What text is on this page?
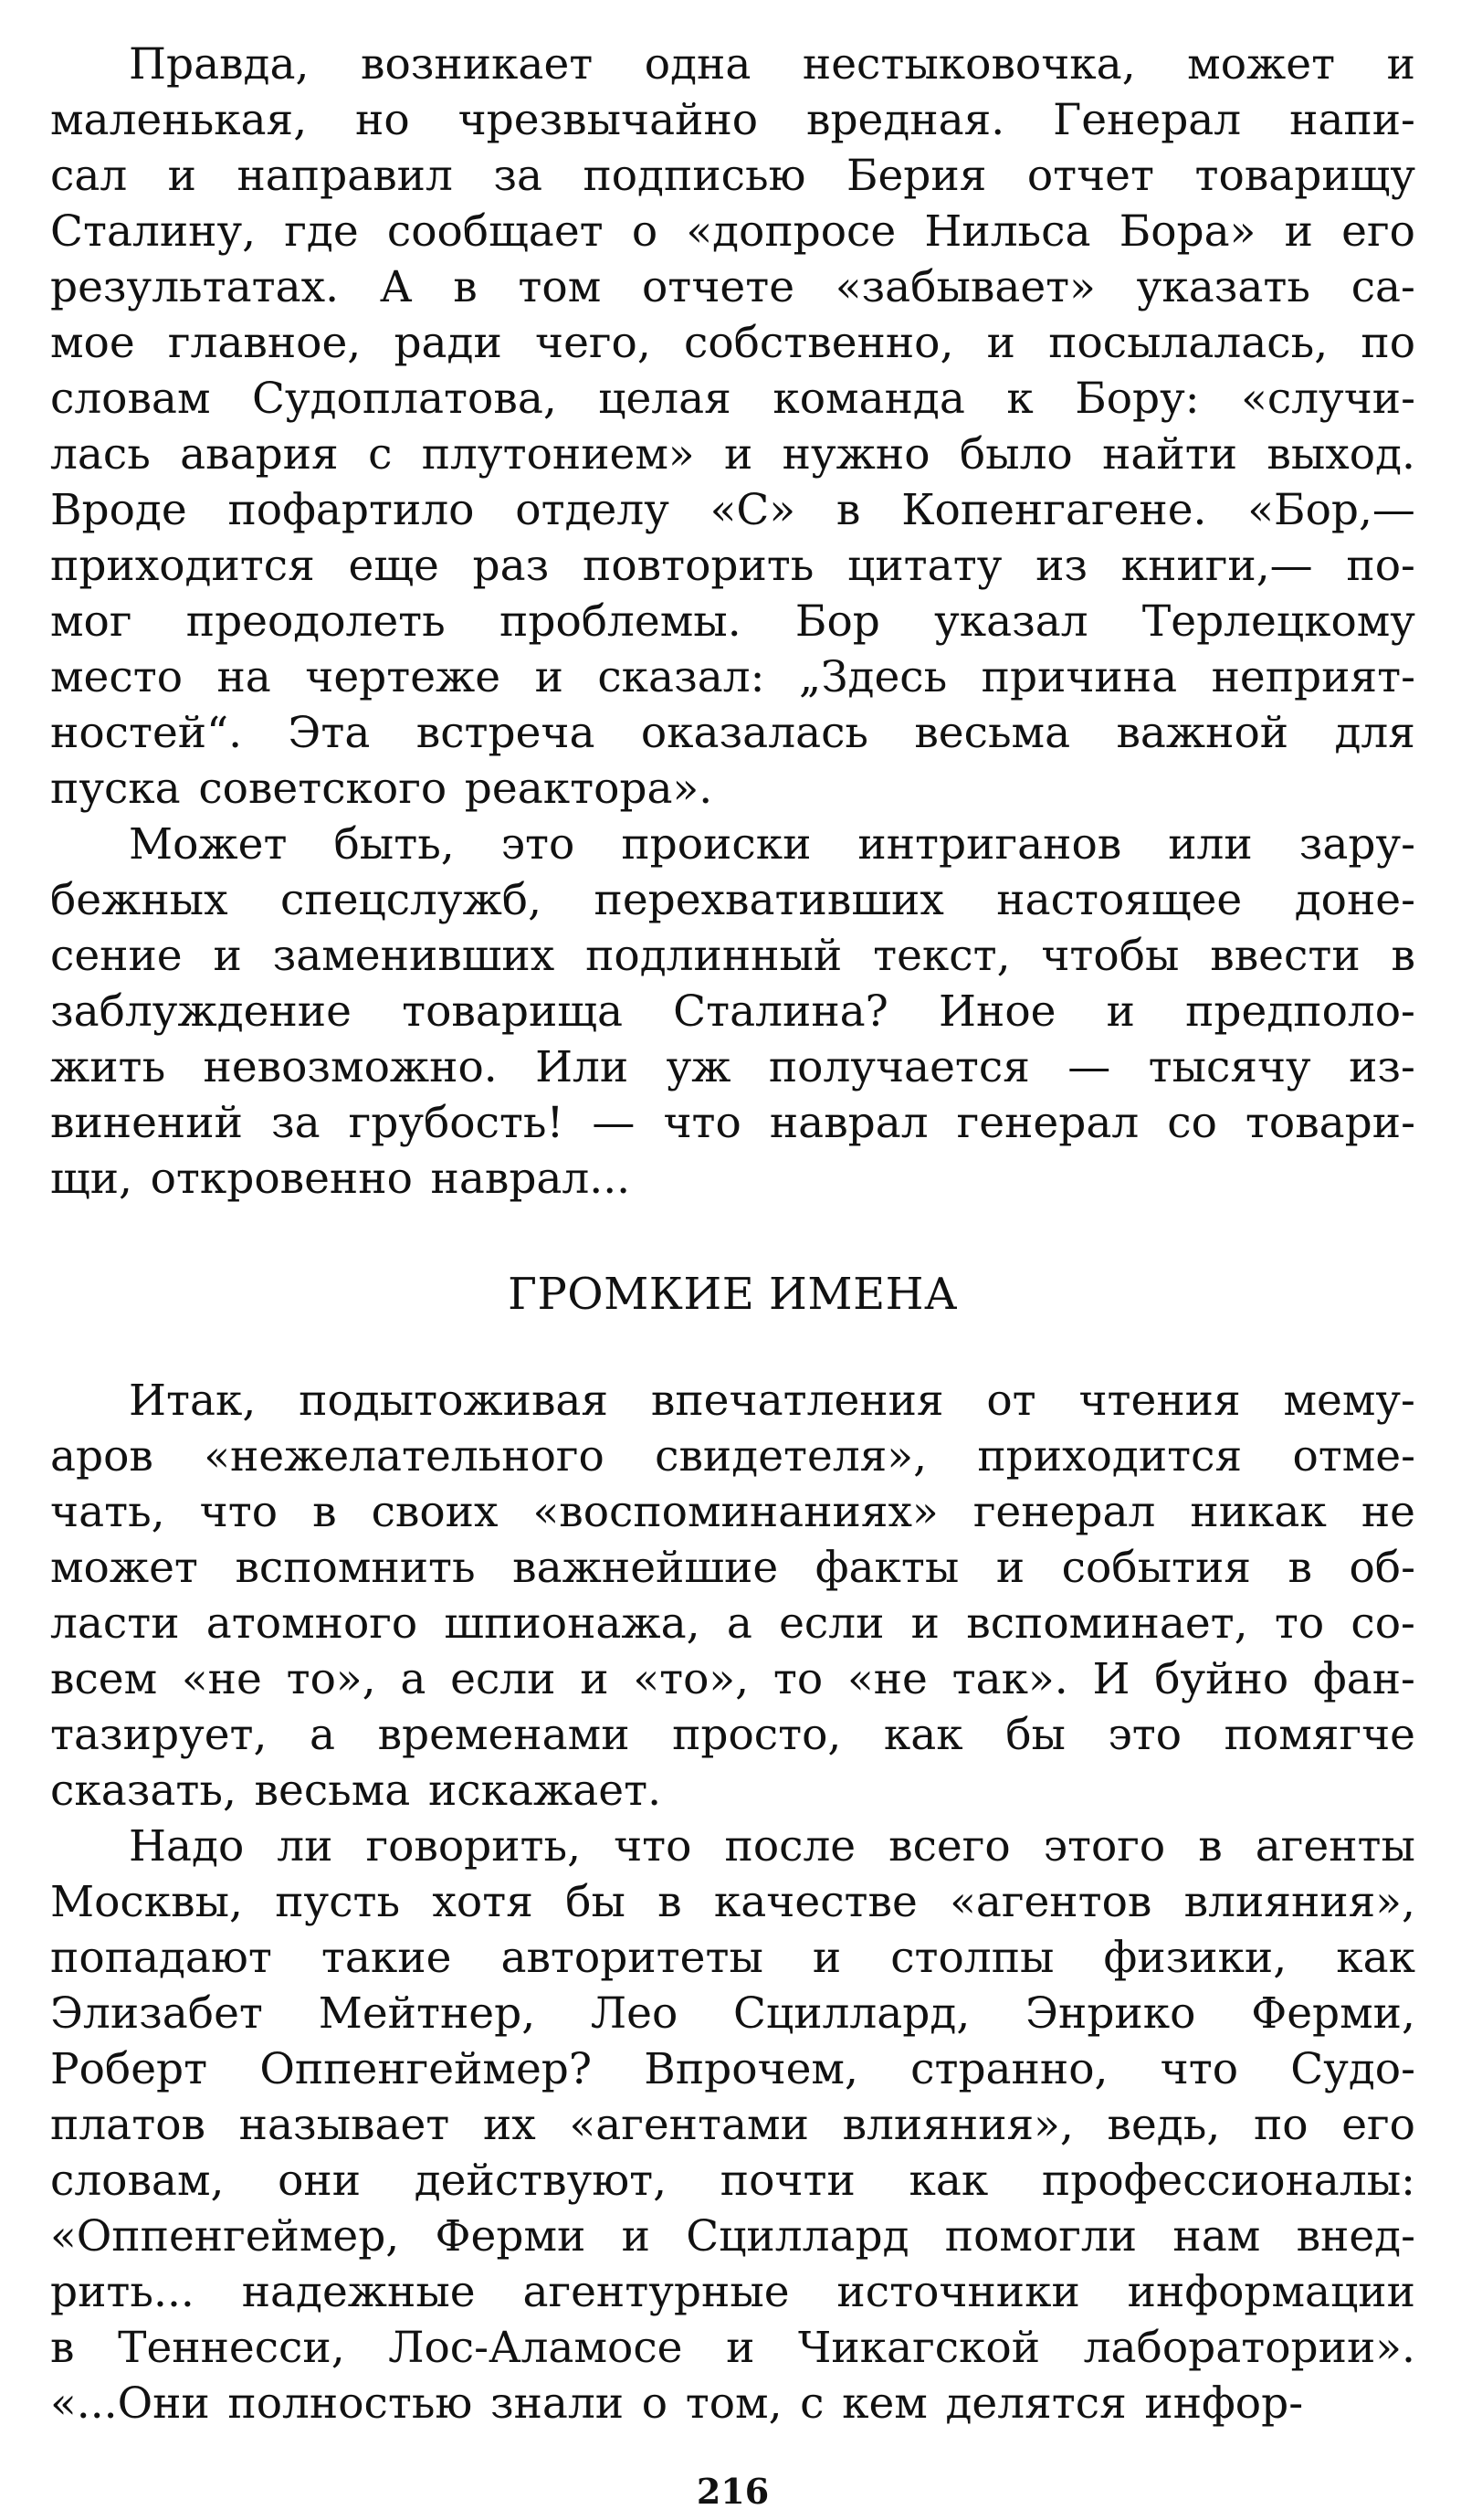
Правда, возникает одна нестыковочка, может и
маленькая, но чрезвычайно вредная. Генерал напи-
сал и направил за подписью Берия отчет товарищу
Сталину, где сообщает о «допросе Нильса Бора» и его
результатах. А в том отчете «забывает» указать са-
мое главное, ради чего, собственно, и посылалась, по
словам Судоплатова, целая команда к Бору: «случи-
лась авария с плутонием» и нужно было найти выход.
Вроде пофартило отделу «С» в Копенгагене. «Бор,—
приходится еще раз повторить цитату из книги,— по-
мог преодолеть проблемы. Бор указал Терлецкому
место на чертеже и сказал: „Здесь причина неприят-
ностей“. Эта встреча оказалась весьма важной для
пуска советского реактора».
Может быть, это происки интриганов или зару-
бежных спецслужб, перехвативших настоящее доне-
сение и заменивших подлинный текст, чтобы ввести в
заблуждение товарища Сталина? Иное и предполо-
жить невозможно. Или уж получается — тысячу из-
винений за грубость! — что наврал генерал со товари-
щи, откровенно наврал...
ГРОМКИЕ ИМЕНА
Итак, подытоживая впечатления от чтения мему-
аров «нежелательного свидетеля», приходится отме-
чать, что в своих «воспоминаниях» генерал никак не
может вспомнить важнейшие факты и события в об-
ласти атомного шпионажа, а если и вспоминает, то со-
всем «не то», а если и «то», то «не так». И буйно фан-
тазирует, а временами просто, как бы это помягче
сказать, весьма искажает.
Надо ли говорить, что после всего этого в агенты
Москвы, пусть хотя бы в качестве «агентов влияния»,
попадают такие авторитеты и столпы физики, как
Элизабет Мейтнер, Лео Сциллард, Энрико Ферми,
Роберт Оппенгеймер? Впрочем, странно, что Судо-
платов называет их «агентами влияния», ведь, по его
словам, они действуют, почти как профессионалы:
«Оппенгеймер, Ферми и Сциллард помогли нам внед-
рить... надежные агентурные источники информации
в Теннесси, Лос-Аламосе и Чикагской лаборатории».
«...Они полностью знали о том, с кем делятся инфор-
216
